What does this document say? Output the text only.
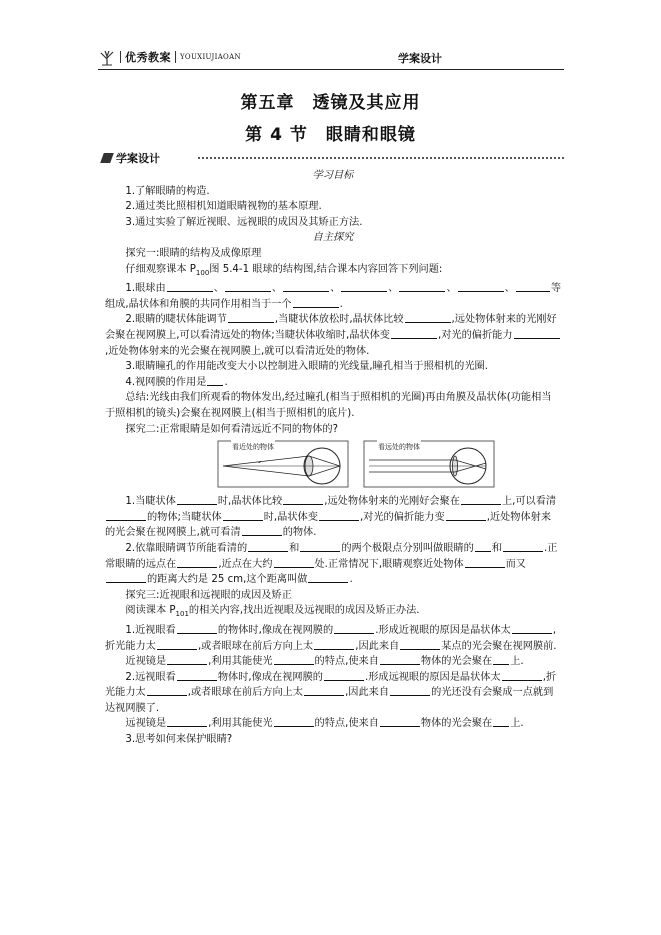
优秀教案 YOUXIUJIAOAN	学案设计
第五章　透镜及其应用
第 4 节　眼睛和眼镜
学案设计

学习目标

1.了解眼睛的构造.

2.通过类比照相机知道眼睛视物的基本原理.

3.通过实验了解近视眼、远视眼的成因及其矫正方法.

自主探究

探究一:眼睛的结构及成像原理

仔细观察课本 $P_{100}$图 5.4-1 眼球的结构图,结合课本内容回答下列问题:

1.眼球由	、	、	、	、	、	、	等组成,晶状体和角膜的共同作用相当于一个	.

2.眼睛的睫状体能调节	,当睫状体放松时,晶状体比较	,远处物体射来的光刚好会聚在视网膜上,可以看清远处的物体;当睫状体收缩时,晶状体变	,对光的偏折能力,近处物体射来的光会聚在视网膜上,就可以看清近处的物体.

3.眼睛瞳孔的作用能改变大小以控制进入眼睛的光线量,瞳孔相当于照相机的光圈.

4.视网膜的作用是 .

总结:光线由我们所观看的物体发出,经过瞳孔(相当于照相机的光圈)再由角膜及晶状体(功能相当于照相机的镜头)会聚在视网膜上(相当于照相机的底片).

探究二:正常眼睛是如何看清远近不同的物体的?

看近处的物体	看远处的物体

1.当睫状体	时,晶状体比较	,远处物体射来的光刚好会聚在	上,可以看清的物体;当睫状体	时,晶状体变	,对光的偏折能力变	,近处物体射来的光会聚在视网膜上,就可看清	的物体.

2.依靠眼睛调节所能看清的	和	的两个极限点分别叫做眼睛的 和	.正常眼睛的远点在	,近点在大约	处.正常情况下,眼睛观察近处物体	而又的距离大约是 25 cm,这个距离叫做	.

探究三:近视眼和远视眼的成因及矫正

阅读课本 $P_{101}$的相关内容,找出近视眼及远视眼的成因及矫正办法.

1.近视眼看	的物体时,像成在视网膜的	.形成近视眼的原因是晶状体太	,折光能力太	,或者眼球在前后方向上太	,因此来自	某点的光会聚在视网膜前.

近视镜是	,利用其能使光	的特点,使来自	物体的光会聚在 上.

2.远视眼看	物体时,像成在视网膜的	.形成远视眼的原因是晶状体太	,折光能力太	,或者眼球在前后方向上太	,因此来自	的光还没有会聚成一点就到达视网膜了.

远视镜是	,利用其能使光	的特点,使来自	物体的光会聚在 上.

3.思考如何来保护眼睛?
